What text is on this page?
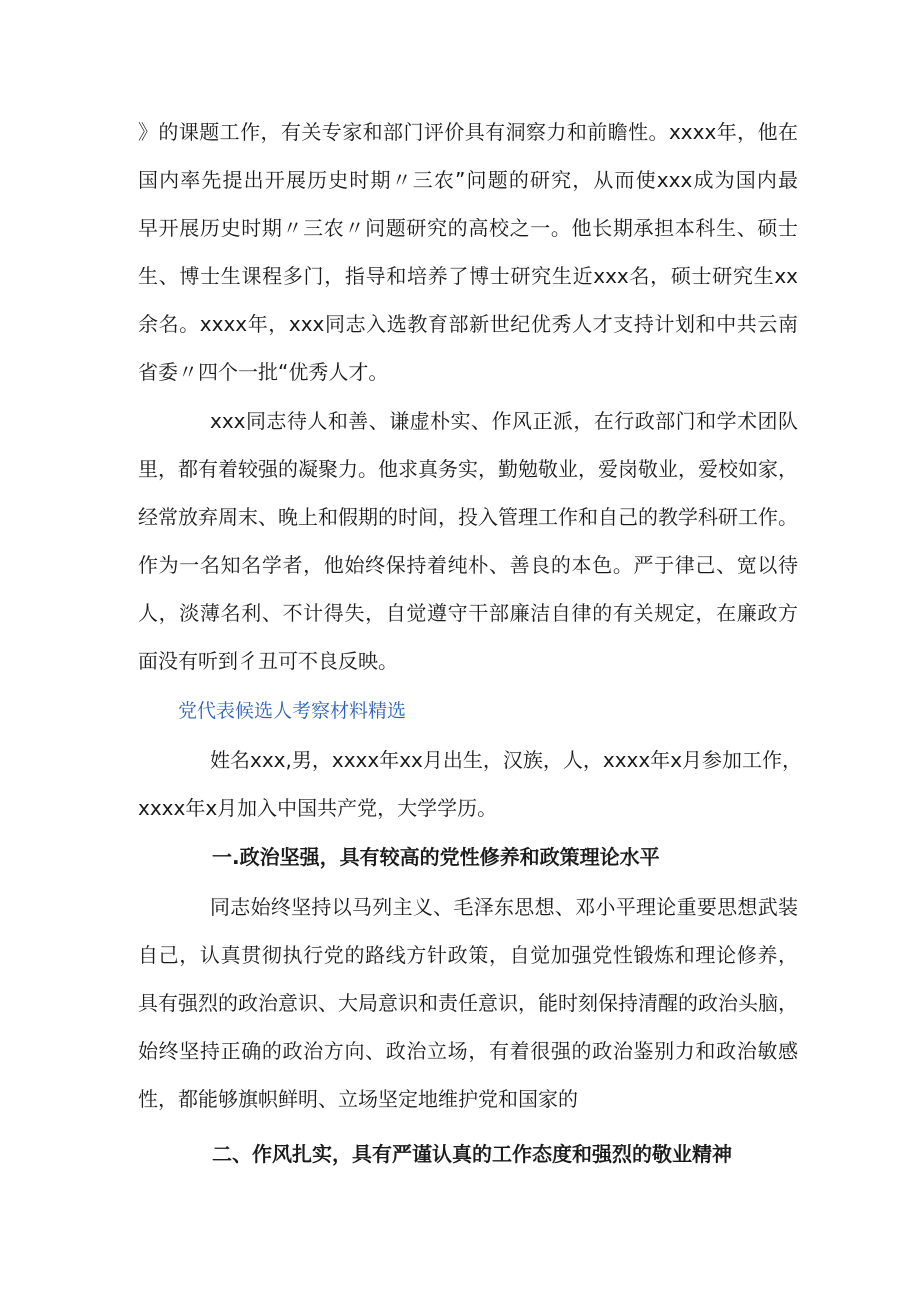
》的课题工作，有关专家和部门评价具有洞察力和前瞻性。xxxx年，他在
国内率先提出开展历史时期〃三农”问题的研究，从而使xxx成为国内最
早开展历史时期〃三农〃问题研究的高校之一。他长期承担本科生、硕士
生、博士生课程多门，指导和培养了博士研究生近xxx名，硕士研究生xx
余名。xxxx年，xxx同志入选教育部新世纪优秀人才支持计划和中共云南
省委〃四个一批“优秀人才。
xxx同志待人和善、谦虚朴实、作风正派，在行政部门和学术团队
里，都有着较强的凝聚力。他求真务实，勤勉敬业，爱岗敬业，爱校如家，
经常放弃周末、晚上和假期的时间，投入管理工作和自己的教学科研工作。
作为一名知名学者，他始终保持着纯朴、善良的本色。严于律己、宽以待
人，淡薄名利、不计得失，自觉遵守干部廉洁自律的有关规定，在廉政方
面没有听到彳丑可不良反映。

党代表候选人考察材料精选

姓名xxx,男，xxxx年xx月出生，汉族，人，xxxx年x月参加工作，
xxxx年x月加入中国共产党，大学学历。

一.政治坚强，具有较高的党性修养和政策理论水平

同志始终坚持以马列主义、毛泽东思想、邓小平理论重要思想武装
自己，认真贯彻执行党的路线方针政策，自觉加强党性锻炼和理论修养，
具有强烈的政治意识、大局意识和责任意识，能时刻保持清醒的政治头脑，
始终坚持正确的政治方向、政治立场，有着很强的政治鉴别力和政治敏感
性，都能够旗帜鲜明、立场坚定地维护党和国家的

二、作风扎实，具有严谨认真的工作态度和强烈的敬业精神
